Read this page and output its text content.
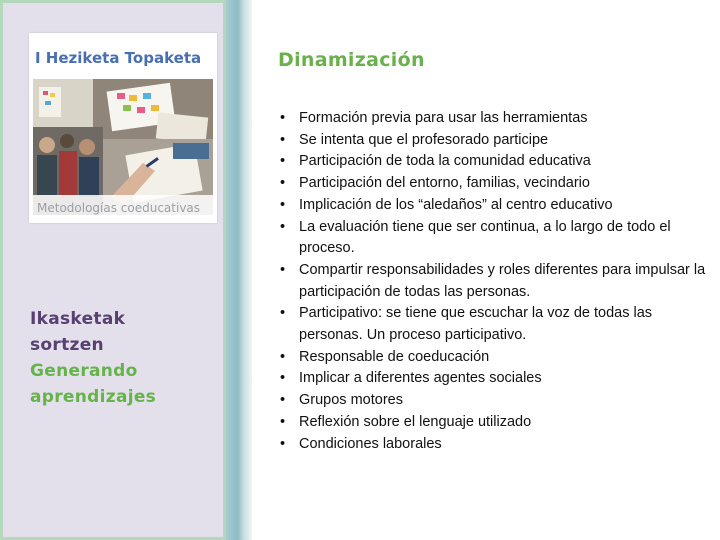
I Heziketa Topaketa
Metodologías coeducativas
Ikasketak
sortzen
Generando
aprendizajes
Dinamización
• Formación previa para usar las herramientas
• Se intenta que el profesorado participe
• Participación de toda la comunidad educativa
• Participación del entorno, familias, vecindario
• Implicación de los “aledaños” al centro educativo
• La evaluación tiene que ser continua, a lo largo de todo el proceso.
• Compartir responsabilidades y roles diferentes para impulsar la participación de todas las personas.
• Participativo: se tiene que escuchar la voz de todas las personas. Un proceso participativo.
• Responsable de coeducación
• Implicar a diferentes agentes sociales
• Grupos motores
• Reflexión sobre el lenguaje utilizado
• Condiciones laborales
